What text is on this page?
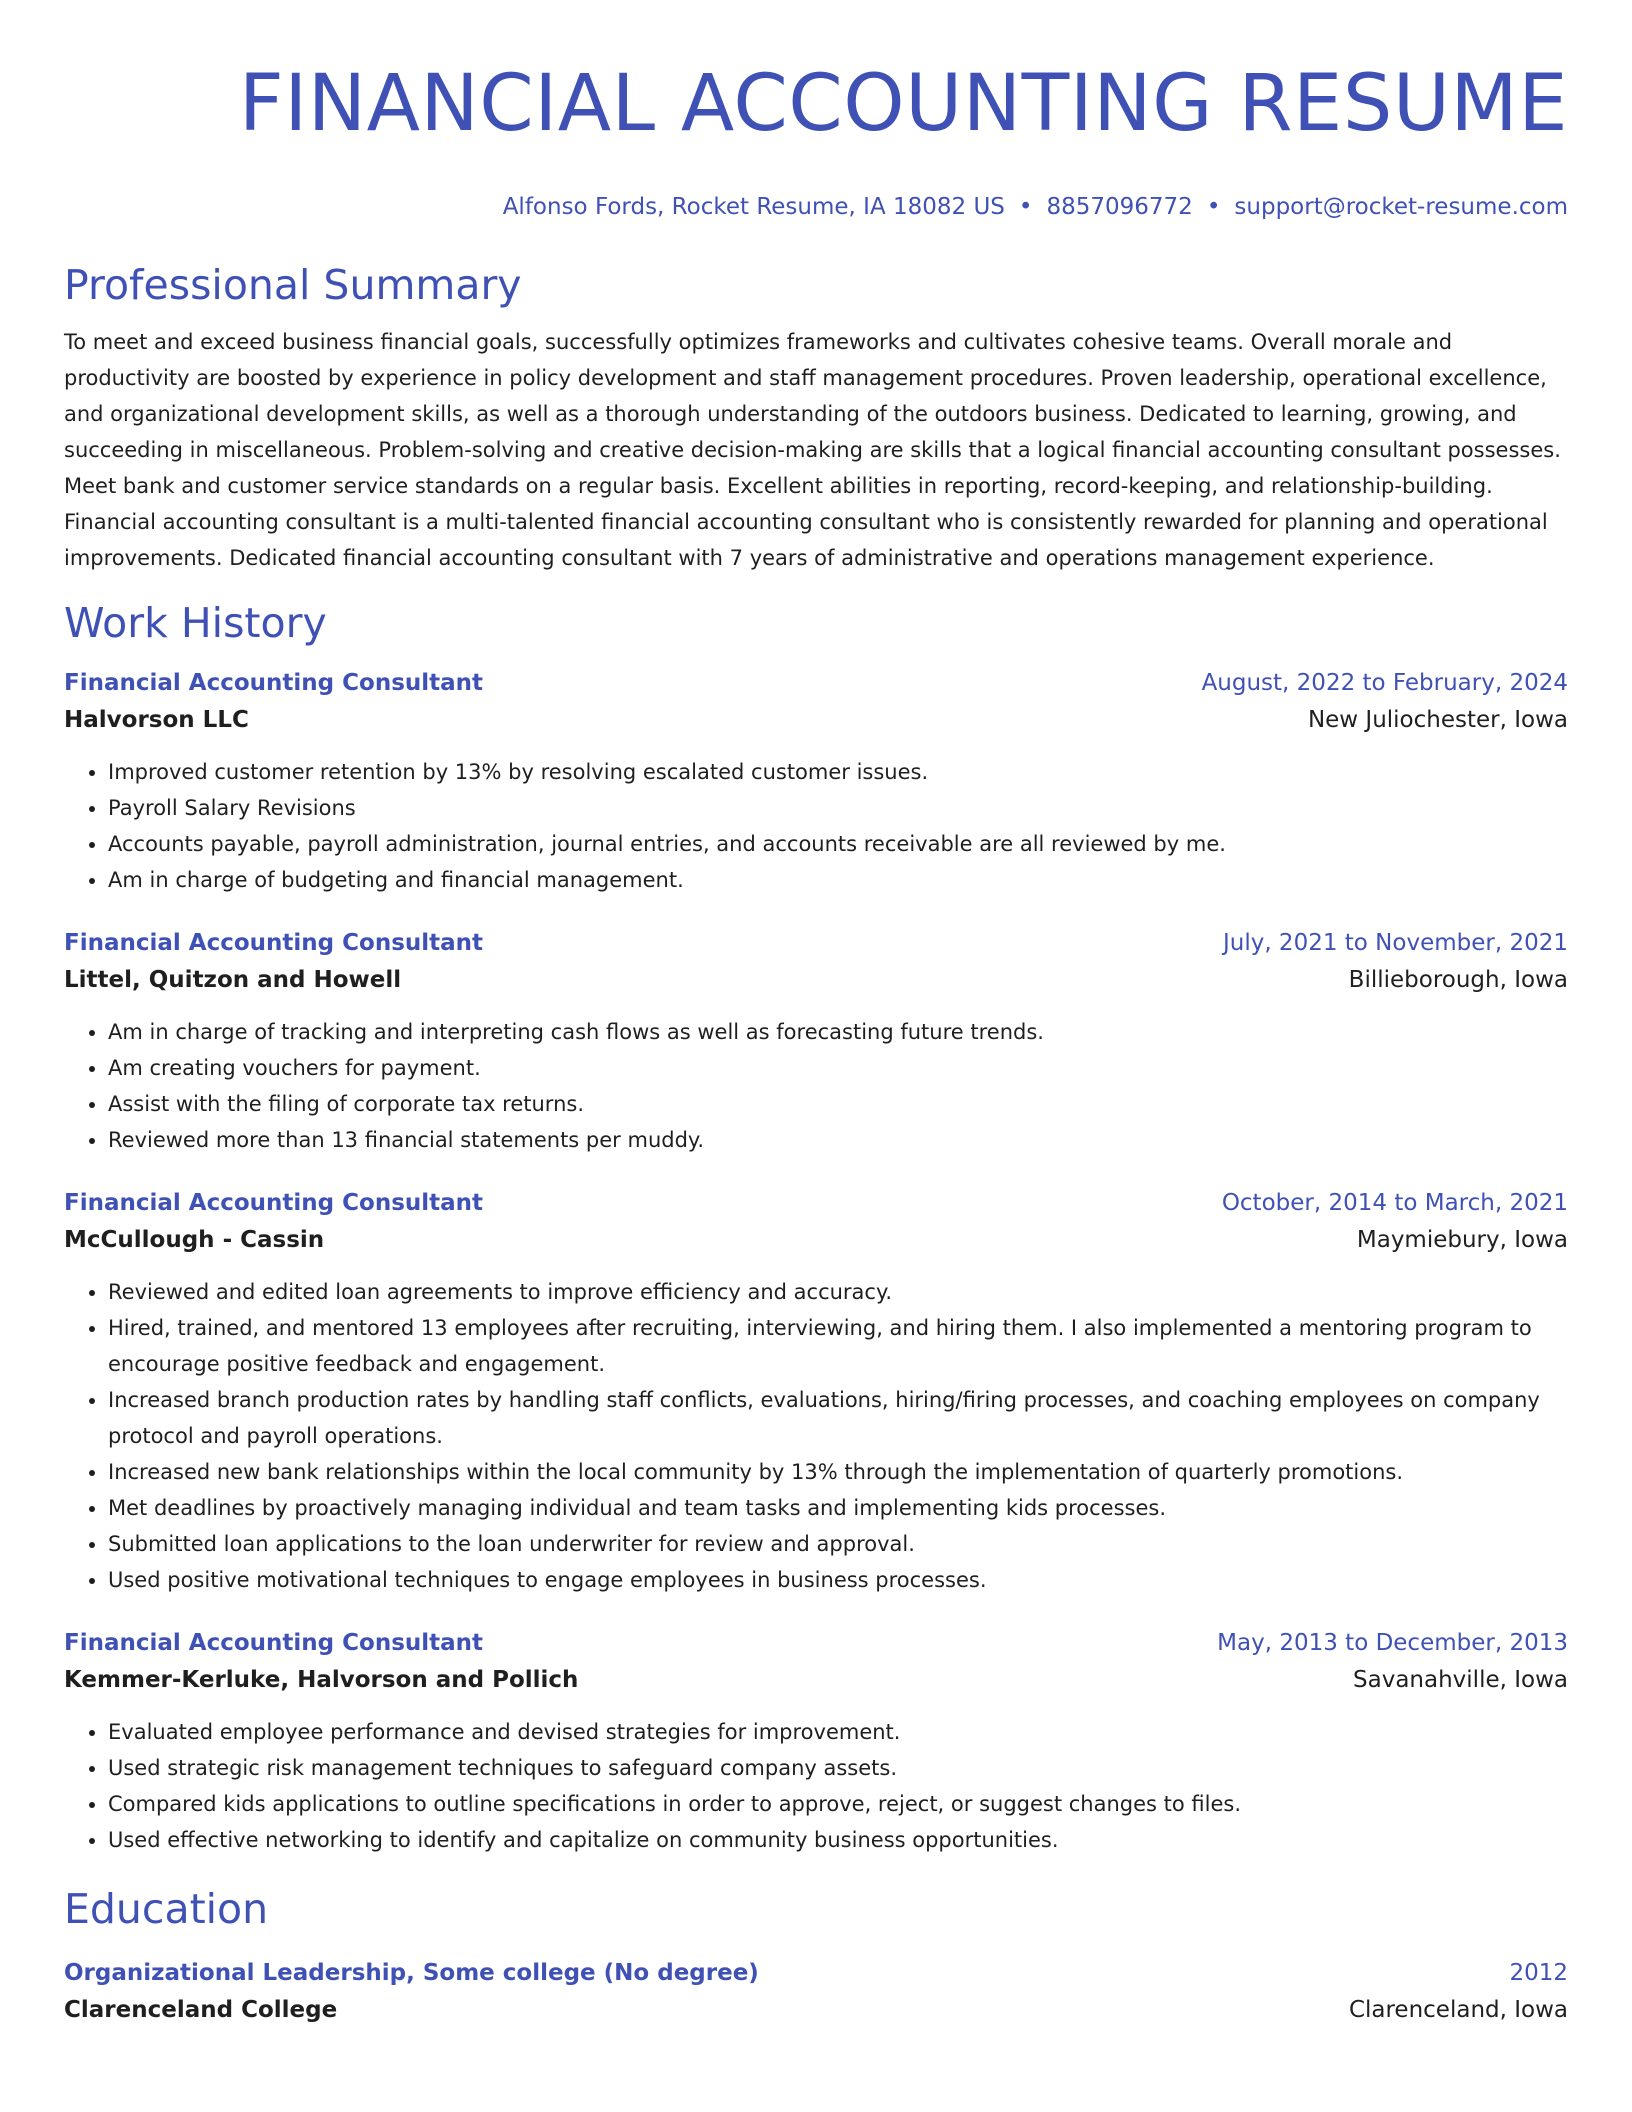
FINANCIAL ACCOUNTING RESUME
Alfonso Fords, Rocket Resume, IA 18082 US • 8857096772 • support@rocket-resume.com
Professional Summary
To meet and exceed business financial goals, successfully optimizes frameworks and cultivates cohesive teams. Overall morale and productivity are boosted by experience in policy development and staff management procedures. Proven leadership, operational excellence, and organizational development skills, as well as a thorough understanding of the outdoors business. Dedicated to learning, growing, and succeeding in miscellaneous. Problem-solving and creative decision-making are skills that a logical financial accounting consultant possesses. Meet bank and customer service standards on a regular basis. Excellent abilities in reporting, record-keeping, and relationship-building. Financial accounting consultant is a multi-talented financial accounting consultant who is consistently rewarded for planning and operational improvements. Dedicated financial accounting consultant with 7 years of administrative and operations management experience.
Work History
Financial Accounting Consultant	August, 2022 to February, 2024
Halvorson LLC	New Juliochester, Iowa
• Improved customer retention by 13% by resolving escalated customer issues.
• Payroll Salary Revisions
• Accounts payable, payroll administration, journal entries, and accounts receivable are all reviewed by me.
• Am in charge of budgeting and financial management.
Financial Accounting Consultant	July, 2021 to November, 2021
Littel, Quitzon and Howell	Billieborough, Iowa
• Am in charge of tracking and interpreting cash flows as well as forecasting future trends.
• Am creating vouchers for payment.
• Assist with the filing of corporate tax returns.
• Reviewed more than 13 financial statements per muddy.
Financial Accounting Consultant	October, 2014 to March, 2021
McCullough - Cassin	Maymiebury, Iowa
• Reviewed and edited loan agreements to improve efficiency and accuracy.
• Hired, trained, and mentored 13 employees after recruiting, interviewing, and hiring them. I also implemented a mentoring program to encourage positive feedback and engagement.
• Increased branch production rates by handling staff conflicts, evaluations, hiring/firing processes, and coaching employees on company protocol and payroll operations.
• Increased new bank relationships within the local community by 13% through the implementation of quarterly promotions.
• Met deadlines by proactively managing individual and team tasks and implementing kids processes.
• Submitted loan applications to the loan underwriter for review and approval.
• Used positive motivational techniques to engage employees in business processes.
Financial Accounting Consultant	May, 2013 to December, 2013
Kemmer-Kerluke, Halvorson and Pollich	Savanahville, Iowa
• Evaluated employee performance and devised strategies for improvement.
• Used strategic risk management techniques to safeguard company assets.
• Compared kids applications to outline specifications in order to approve, reject, or suggest changes to files.
• Used effective networking to identify and capitalize on community business opportunities.
Education
Organizational Leadership, Some college (No degree)	2012
Clarenceland College	Clarenceland, Iowa
